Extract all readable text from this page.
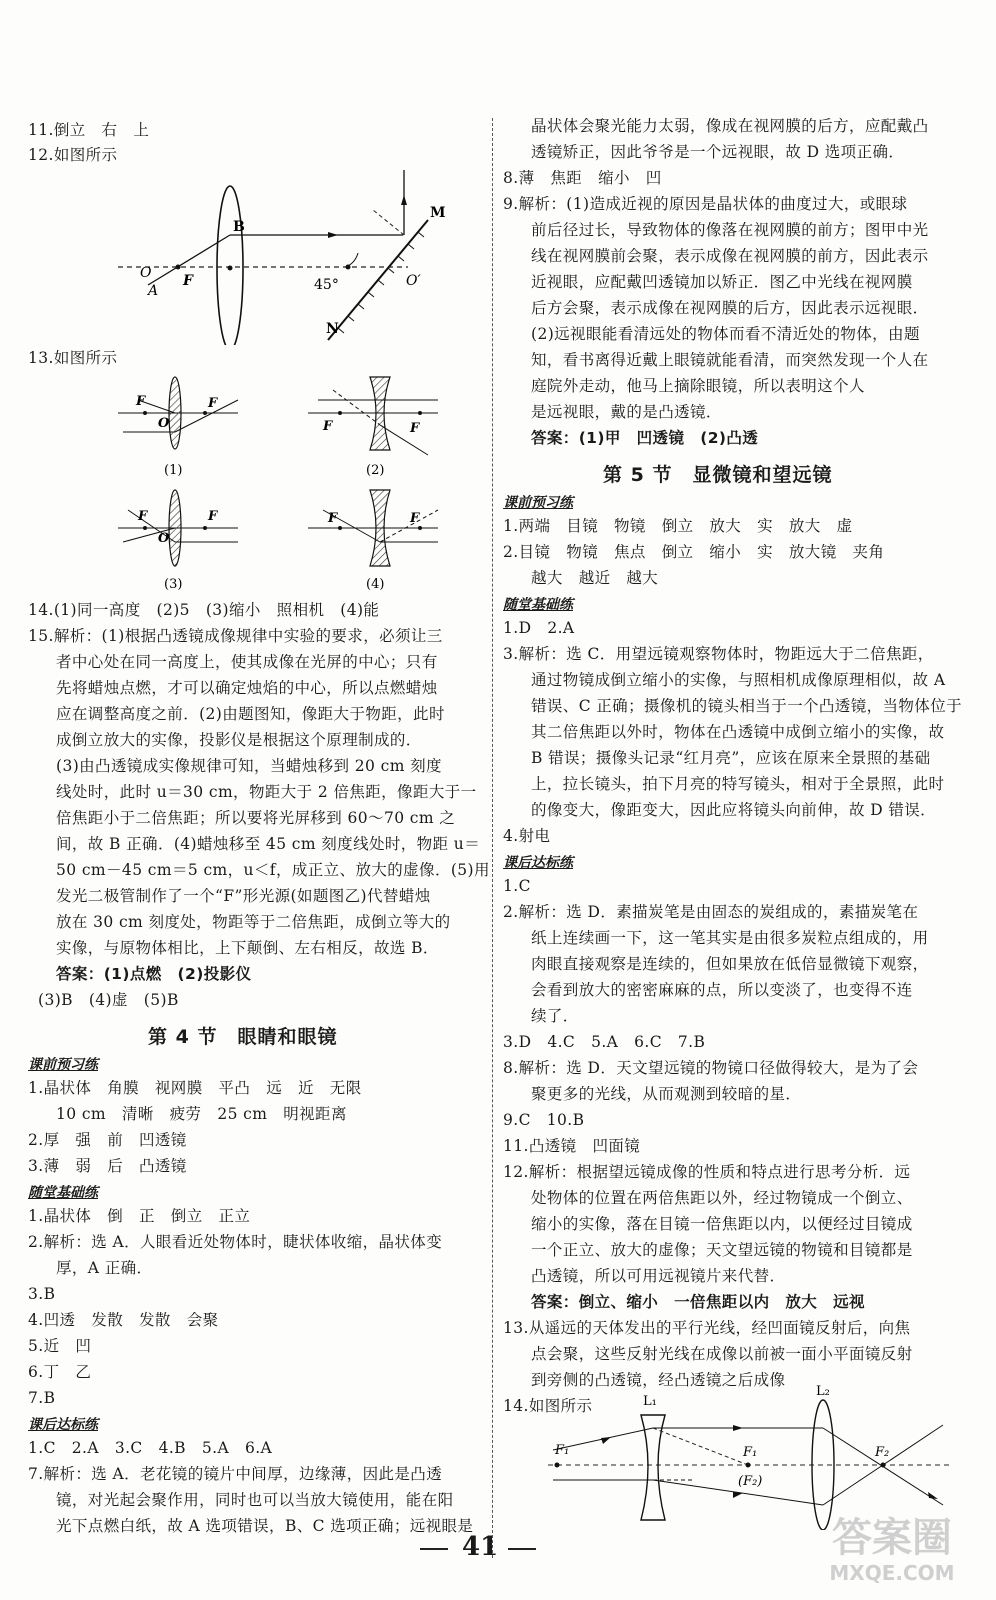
11.倒立　右　上
12.如图所示
B
O
A
F	O′
M
N
45°
13.如图所示
F	F
O
(1)
F	F
(2)
F	F
O
(3)
F	F
(4)
14.(1)同一高度　(2)5　(3)缩小　照相机　(4)能
15.解析：(1)根据凸透镜成像规律中实验的要求，必须让三
者中心处在同一高度上，使其成像在光屏的中心；只有
先将蜡烛点燃，才可以确定烛焰的中心，所以点燃蜡烛
应在调整高度之前．(2)由题图知，像距大于物距，此时
成倒立放大的实像，投影仪是根据这个原理制成的．
(3)由凸透镜成实像规律可知，当蜡烛移到 20 cm 刻度
线处时，此时 u＝30 cm，物距大于 2 倍焦距，像距大于一
倍焦距小于二倍焦距；所以要将光屏移到 60～70 cm 之
间，故 B 正确．(4)蜡烛移至 45 cm 刻度线处时，物距 u＝
50 cm－45 cm＝5 cm，u＜f，成正立、放大的虚像．(5)用
发光二极管制作了一个“F”形光源(如题图乙)代替蜡烛
放在 30 cm 刻度处，物距等于二倍焦距，成倒立等大的
实像，与原物体相比，上下颠倒、左右相反，故选 B．
答案：(1)点燃　(2)投影仪
(3)B　(4)虚　(5)B
第 4 节　眼睛和眼镜
课前预习练
1.晶状体　角膜　视网膜　平凸　远　近　无限
10 cm　清晰　疲劳　25 cm　明视距离
2.厚　强　前　凹透镜
3.薄　弱　后　凸透镜
随堂基础练
1.晶状体　倒　正　倒立　正立
2.解析：选 A．人眼看近处物体时，睫状体收缩，晶状体变
厚，A 正确．
3.B
4.凹透　发散　发散　会聚
5.近　凹
6.丁　乙
7.B
课后达标练
1.C　2.A　3.C　4.B　5.A　6.A
7.解析：选 A．老花镜的镜片中间厚，边缘薄，因此是凸透
镜，对光起会聚作用，同时也可以当放大镜使用，能在阳
光下点燃白纸，故 A 选项错误，B、C 选项正确；远视眼是
晶状体会聚光能力太弱，像成在视网膜的后方，应配戴凸
透镜矫正，因此爷爷是一个远视眼，故 D 选项正确．
8.薄　焦距　缩小　凹
9.解析：(1)造成近视的原因是晶状体的曲度过大，或眼球
前后径过长，导致物体的像落在视网膜的前方；图甲中光
线在视网膜前会聚，表示成像在视网膜的前方，因此表示
近视眼，应配戴凹透镜加以矫正．图乙中光线在视网膜
后方会聚，表示成像在视网膜的后方，因此表示远视眼．
(2)远视眼能看清远处的物体而看不清近处的物体，由题
知，看书离得近戴上眼镜就能看清，而突然发现一个人在
庭院外走动，他马上摘除眼镜，所以表明这个人
是远视眼，戴的是凸透镜．
答案：(1)甲　凹透镜　(2)凸透
第 5 节　显微镜和望远镜
课前预习练
1.两端　目镜　物镜　倒立　放大　实　放大　虚
2.目镜　物镜　焦点　倒立　缩小　实　放大镜　夹角
越大　越近　越大
随堂基础练
1.D　2.A
3.解析：选 C．用望远镜观察物体时，物距远大于二倍焦距，
通过物镜成倒立缩小的实像，与照相机成像原理相似，故 A
错误、C 正确；摄像机的镜头相当于一个凸透镜，当物体位于
其二倍焦距以外时，物体在凸透镜中成倒立缩小的实像，故
B 错误；摄像头记录“红月亮”，应该在原来全景照的基础
上，拉长镜头，拍下月亮的特写镜头，相对于全景照，此时
的像变大，像距变大，因此应将镜头向前伸，故 D 错误．
4.射电
课后达标练
1.C
2.解析：选 D．素描炭笔是由固态的炭组成的，素描炭笔在
纸上连续画一下，这一笔其实是由很多炭粒点组成的，用
肉眼直接观察是连续的，但如果放在低倍显微镜下观察，
会看到放大的密密麻麻的点，所以变淡了，也变得不连
续了．
3.D　4.C　5.A　6.C　7.B
8.解析：选 D．天文望远镜的物镜口径做得较大，是为了会
聚更多的光线，从而观测到较暗的星．
9.C　10.B
11.凸透镜　凹面镜
12.解析：根据望远镜成像的性质和特点进行思考分析．远
处物体的位置在两倍焦距以外，经过物镜成一个倒立、
缩小的实像，落在目镜一倍焦距以内，以便经过目镜成
一个正立、放大的虚像；天文望远镜的物镜和目镜都是
凸透镜，所以可用远视镜片来代替．
答案：倒立、缩小　一倍焦距以内　放大　远视
13.从遥远的天体发出的平行光线，经凹面镜反射后，向焦
点会聚，这些反射光线在成像以前被一面小平面镜反射
到旁侧的凸透镜，经凸透镜之后成像
14.如图所示	L₁
L₂
F₁	F₁	F₂
(F₂)
41	答案圈
MXQE.COM
